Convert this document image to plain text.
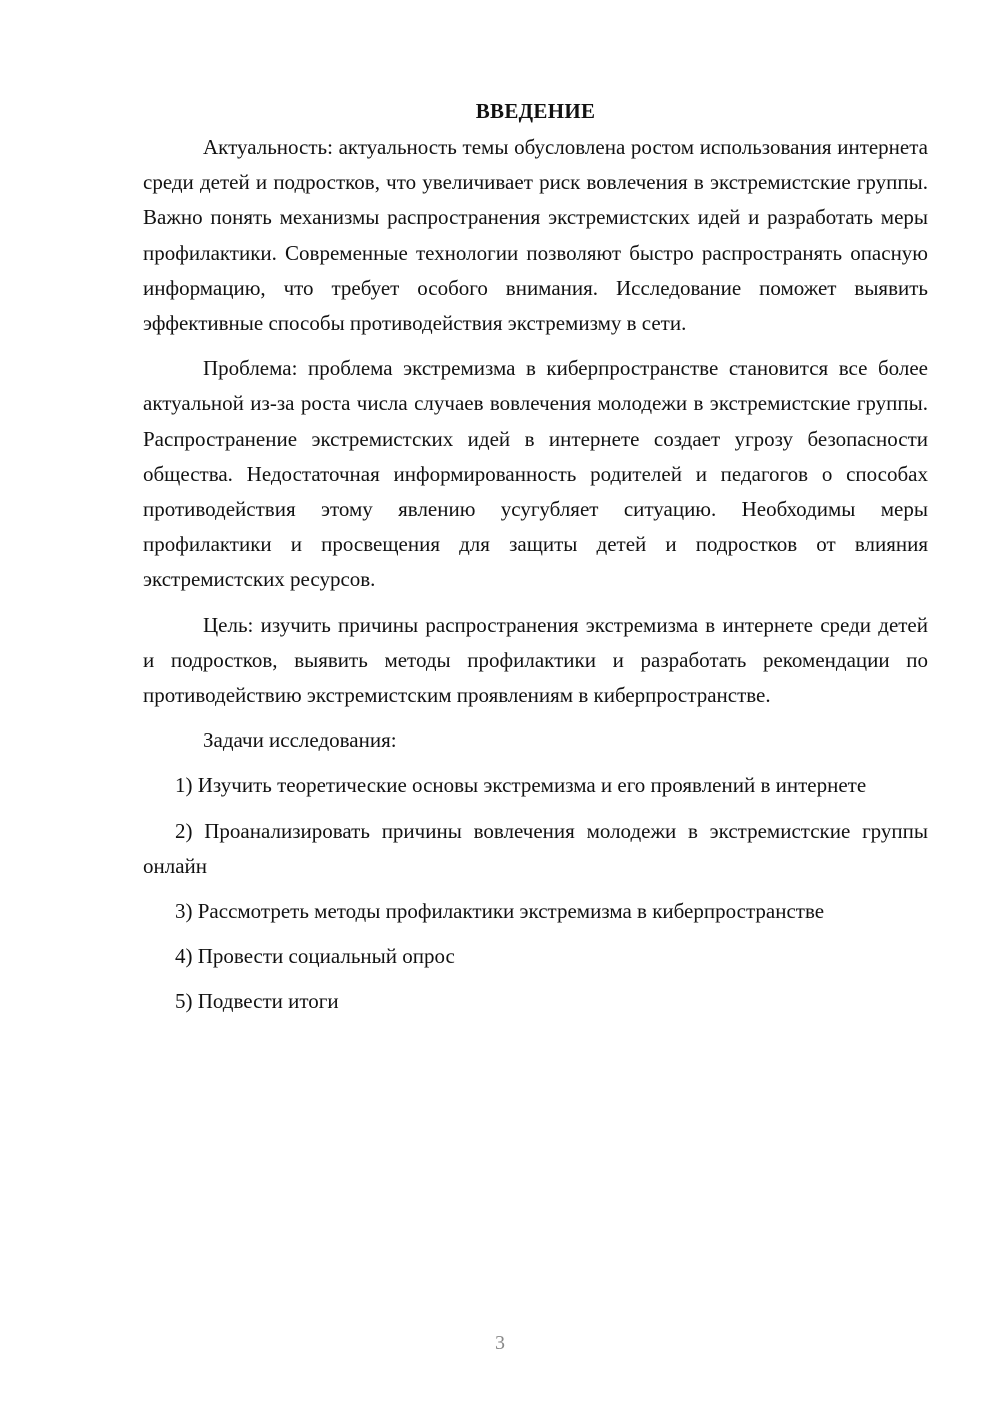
ВВЕДЕНИЕ

Актуальность: актуальность темы обусловлена ростом использования интернета среди детей и подростков, что увеличивает риск вовлечения в экстремистские группы. Важно понять механизмы распространения экстремистских идей и разработать меры профилактики. Современные технологии позволяют быстро распространять опасную информацию, что требует особого внимания. Исследование поможет выявить эффективные способы противодействия экстремизму в сети.

Проблема: проблема экстремизма в киберпространстве становится все более актуальной из-за роста числа случаев вовлечения молодежи в экстремистские группы. Распространение экстремистских идей в интернете создает угрозу безопасности общества. Недостаточная информированность родителей и педагогов о способах противодействия этому явлению усугубляет ситуацию. Необходимы меры профилактики и просвещения для защиты детей и подростков от влияния экстремистских ресурсов.

Цель: изучить причины распространения экстремизма в интернете среди детей и подростков, выявить методы профилактики и разработать рекомендации по противодействию экстремистским проявлениям в киберпространстве.

Задачи исследования:

1) Изучить теоретические основы экстремизма и его проявлений в интернете

2) Проанализировать причины вовлечения молодежи в экстремистские группы онлайн

3) Рассмотреть методы профилактики экстремизма в киберпространстве

4) Провести социальный опрос

5) Подвести итоги

3
